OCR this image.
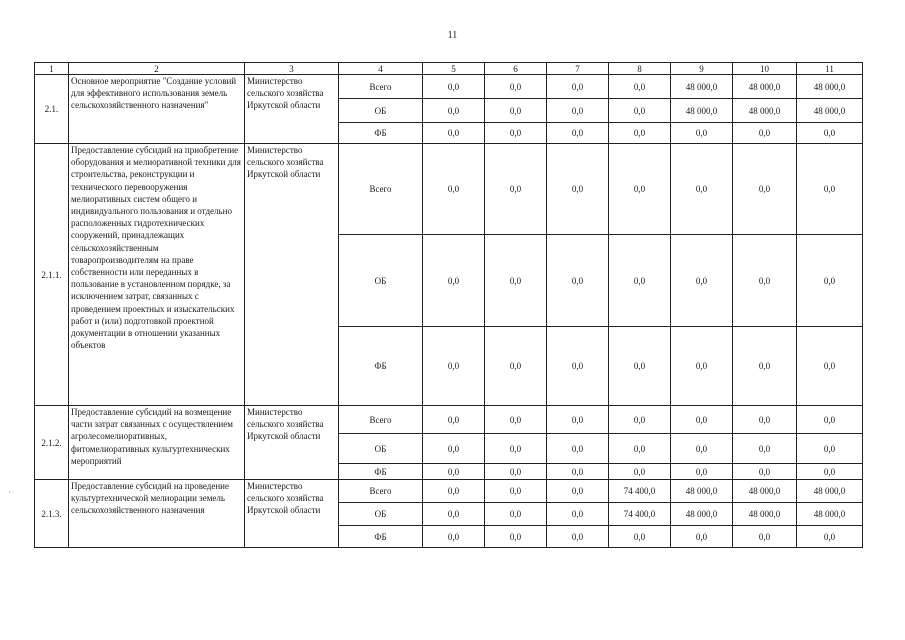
11
1	2	3	4	5	6	7	8	9	10	11
2.1.	Основное мероприятие "Создание условий для эффективного использования земель сельскохозяйственного назначения"	Министерство сельского хозяйства Иркутской области	Всего	0,0	0,0	0,0	0,0	48 000,0	48 000,0	48 000,0
			ОБ	0,0	0,0	0,0	0,0	48 000,0	48 000,0	48 000,0
			ФБ	0,0	0,0	0,0	0,0	0,0	0,0	0,0
2.1.1.	Предоставление субсидий на приобретение оборудования и мелиоративной техники для строительства, реконструкции и технического перевооружения мелиоративных систем общего и индивидуального пользования и отдельно расположенных гидротехнических сооружений, принадлежащих сельскохозяйственным товаропроизводителям на праве собственности или переданных в пользование в установленном порядке, за исключением затрат, связанных с проведением проектных и изыскательских работ и (или) подготовкой проектной документации в отношении указанных объектов	Министерство сельского хозяйства Иркутской области	Всего	0,0	0,0	0,0	0,0	0,0	0,0	0,0
			ОБ	0,0	0,0	0,0	0,0	0,0	0,0	0,0
			ФБ	0,0	0,0	0,0	0,0	0,0	0,0	0,0
2.1.2.	Предоставление субсидий на возмещение части затрат связанных с осуществлением агролесомелиоративных, фитомелиоративных культуртехнических мероприятий	Министерство сельского хозяйства Иркутской области	Всего	0,0	0,0	0,0	0,0	0,0	0,0	0,0
			ОБ	0,0	0,0	0,0	0,0	0,0	0,0	0,0
			ФБ	0,0	0,0	0,0	0,0	0,0	0,0	0,0
2.1.3.	Предоставление субсидий на проведение культуртехнической мелиорации земель сельскохозяйственного назначения	Министерство сельского хозяйства Иркутской области	Всего	0,0	0,0	0,0	74 400,0	48 000,0	48 000,0	48 000,0
			ОБ	0,0	0,0	0,0	74 400,0	48 000,0	48 000,0	48 000,0
			ФБ	0,0	0,0	0,0	0,0	0,0	0,0	0,0
·
